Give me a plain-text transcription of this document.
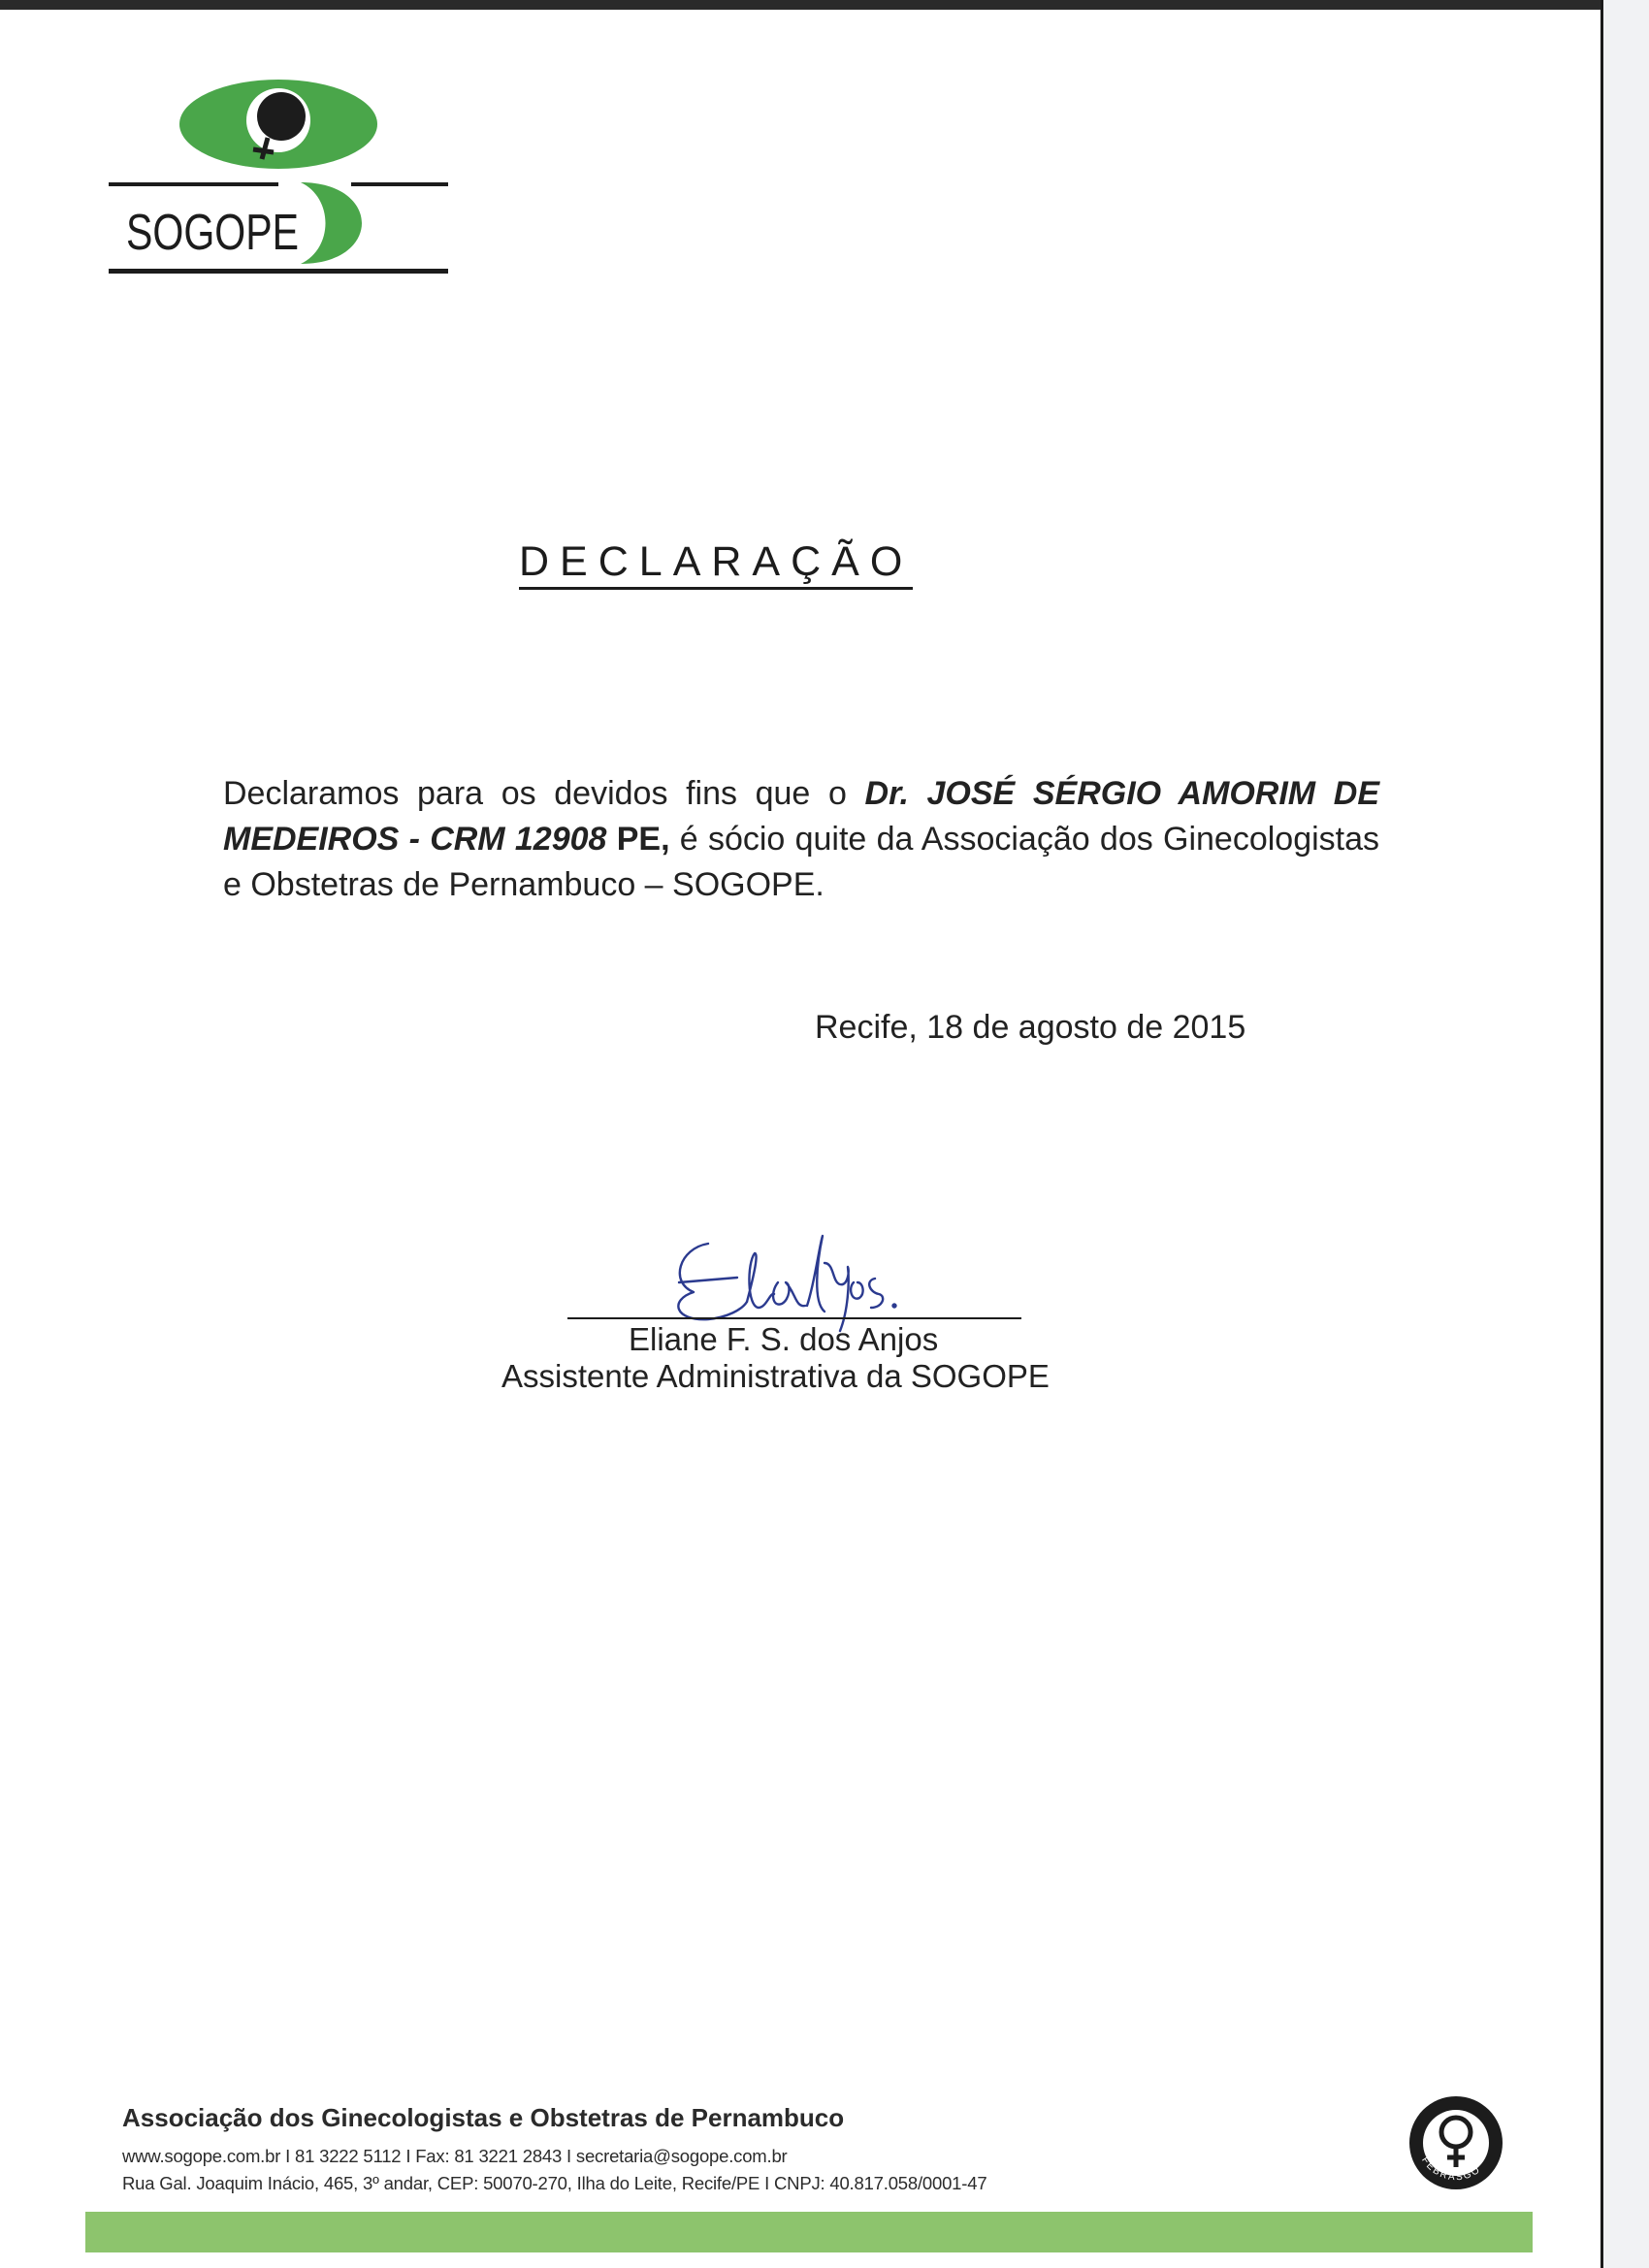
SOGOPE
DECLARAÇÃO
Declaramos para os devidos fins que o Dr. JOSÉ SÉRGIO AMORIM DE MEDEIROS - CRM 12908 PE, é sócio quite da Associação dos Ginecologistas e Obstetras de Pernambuco – SOGOPE.
Recife, 18 de agosto de 2015
Eliane F. S. dos Anjos
Assistente Administrativa da SOGOPE
Associação dos Ginecologistas e Obstetras de Pernambuco
www.sogope.com.br I 81 3222 5112 I Fax: 81 3221 2843 I secretaria@sogope.com.br
Rua Gal. Joaquim Inácio, 465, 3º andar, CEP: 50070-270, Ilha do Leite, Recife/PE I CNPJ: 40.817.058/0001-47
FEBRASGO
